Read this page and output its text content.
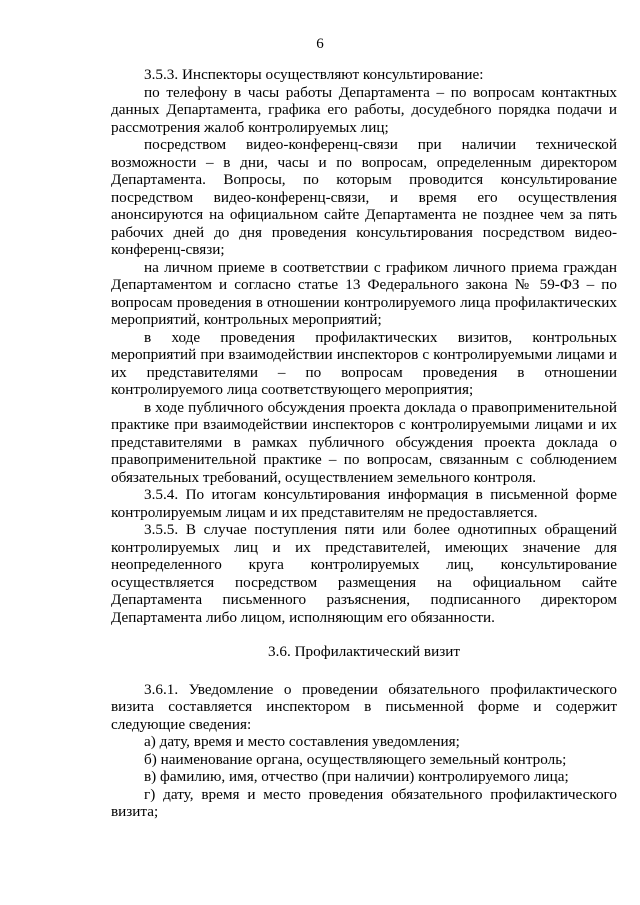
6

3.5.3. Инспекторы осуществляют консультирование:

по телефону в часы работы Департамента – по вопросам контактных данных Департамента, графика его работы, досудебного порядка подачи и рассмотрения жалоб контролируемых лиц;

посредством видео-конференц-связи при наличии технической возможности – в дни, часы и по вопросам, определенным директором Департамента. Вопросы, по которым проводится консультирование посредством видео-конференц-связи, и время его осуществления анонсируются на официальном сайте Департамента не позднее чем за пять рабочих дней до дня проведения консультирования посредством видео-конференц-связи;

на личном приеме в соответствии с графиком личного приема граждан Департаментом и согласно статье 13 Федерального закона № 59-ФЗ – по вопросам проведения в отношении контролируемого лица профилактических мероприятий, контрольных мероприятий;

в ходе проведения профилактических визитов, контрольных мероприятий при взаимодействии инспекторов с контролируемыми лицами и их представителями – по вопросам проведения в отношении контролируемого лица соответствующего мероприятия;

в ходе публичного обсуждения проекта доклада о правоприменительной практике при взаимодействии инспекторов с контролируемыми лицами и их представителями в рамках публичного обсуждения проекта доклада о правоприменительной практике – по вопросам, связанным с соблюдением обязательных требований, осуществлением земельного контроля.

3.5.4. По итогам консультирования информация в письменной форме контролируемым лицам и их представителям не предоставляется.

3.5.5. В случае поступления пяти или более однотипных обращений контролируемых лиц и их представителей, имеющих значение для неопределенного круга контролируемых лиц, консультирование осуществляется посредством размещения на официальном сайте Департамента письменного разъяснения, подписанного директором Департамента либо лицом, исполняющим его обязанности.

3.6. Профилактический визит

3.6.1. Уведомление о проведении обязательного профилактического визита составляется инспектором в письменной форме и содержит следующие сведения:

а) дату, время и место составления уведомления;

б) наименование органа, осуществляющего земельный контроль;

в) фамилию, имя, отчество (при наличии) контролируемого лица;

г) дату, время и место проведения обязательного профилактического визита;
